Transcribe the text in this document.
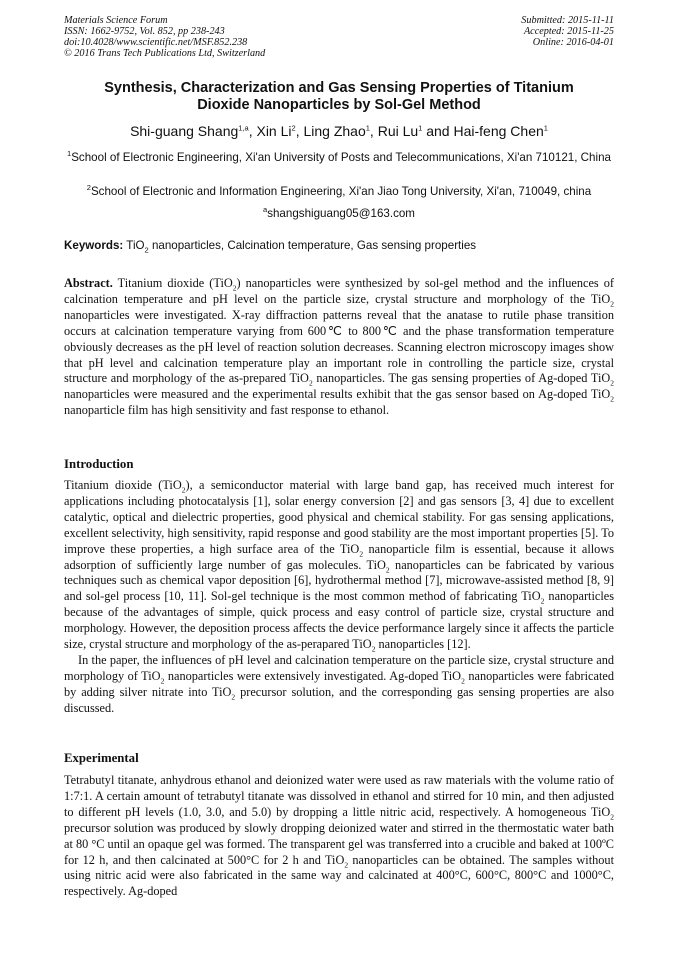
Materials Science Forum
ISSN: 1662-9752, Vol. 852, pp 238-243
doi:10.4028/www.scientific.net/MSF.852.238
© 2016 Trans Tech Publications Ltd, Switzerland
Submitted: 2015-11-11
Accepted: 2015-11-25
Online: 2016-04-01
Synthesis, Characterization and Gas Sensing Properties of Titanium
Dioxide Nanoparticles by Sol-Gel Method
Shi-guang Shang$^{1,a}$, Xin Li$^2$, Ling Zhao$^1$, Rui Lu$^1$ and Hai-feng Chen$^1$
$^1$School of Electronic Engineering, Xi'an University of Posts and Telecommunications, Xi'an 710121, China
$^2$School of Electronic and Information Engineering, Xi'an Jiao Tong University, Xi'an, 710049, china
$^a$shangshiguang05@163.com
Keywords: TiO$_2$ nanoparticles, Calcination temperature, Gas sensing properties

Abstract. Titanium dioxide (TiO$_2$) nanoparticles were synthesized by sol-gel method and the influences of calcination temperature and pH level on the particle size, crystal structure and morphology of the TiO$_2$ nanoparticles were investigated. X-ray diffraction patterns reveal that the anatase to rutile phase transition occurs at calcination temperature varying from 600℃ to 800℃ and the phase transformation temperature obviously decreases as the pH level of reaction solution decreases. Scanning electron microscopy images show that pH level and calcination temperature play an important role in controlling the particle size, crystal structure and morphology of the as-prepared TiO$_2$ nanoparticles. The gas sensing properties of Ag-doped TiO$_2$ nanoparticles were measured and the experimental results exhibit that the gas sensor based on Ag-doped TiO$_2$ nanoparticle film has high sensitivity and fast response to ethanol.

Introduction

Titanium dioxide (TiO$_2$), a semiconductor material with large band gap, has received much interest for applications including photocatalysis [1], solar energy conversion [2] and gas sensors [3, 4] due to excellent catalytic, optical and dielectric properties, good physical and chemical stability. For gas sensing applications, excellent selectivity, high sensitivity, rapid response and good stability are the most important properties [5]. To improve these properties, a high surface area of the TiO$_2$ nanoparticle film is essential, because it allows adsorption of sufficiently large number of gas molecules. TiO$_2$ nanoparticles can be fabricated by various techniques such as chemical vapor deposition [6], hydrothermal method [7], microwave-assisted method [8, 9] and sol-gel process [10, 11]. Sol-gel technique is the most common method of fabricating TiO$_2$ nanoparticles because of the advantages of simple, quick process and easy control of particle size, crystal structure and morphology. However, the deposition process affects the device performance largely since it affects the particle size, crystal structure and morphology of the as-perapared TiO$_2$ nanoparticles [12].

In the paper, the influences of pH level and calcination temperature on the particle size, crystal structure and morphology of TiO$_2$ nanoparticles were extensively investigated. Ag-doped TiO$_2$ nanoparticles were fabricated by adding silver nitrate into TiO$_2$ precursor solution, and the corresponding gas sensing properties are also discussed.

Experimental

Tetrabutyl titanate, anhydrous ethanol and deionized water were used as raw materials with the volume ratio of 1:7:1. A certain amount of tetrabutyl titanate was dissolved in ethanol and stirred for 10 min, and then adjusted to different pH levels (1.0, 3.0, and 5.0) by dropping a little nitric acid, respectively. A homogeneous TiO$_2$ precursor solution was produced by slowly dropping deionized water and stirred in the thermostatic water bath at 80 °C until an opaque gel was formed. The transparent gel was transferred into a crucible and baked at 100ºC for 12 h, and then calcinated at 500°C for 2 h and TiO$_2$ nanoparticles can be obtained. The samples without using nitric acid were also fabricated in the same way and calcinated at 400°C, 600°C, 800°C and 1000°C, respectively. Ag-doped
